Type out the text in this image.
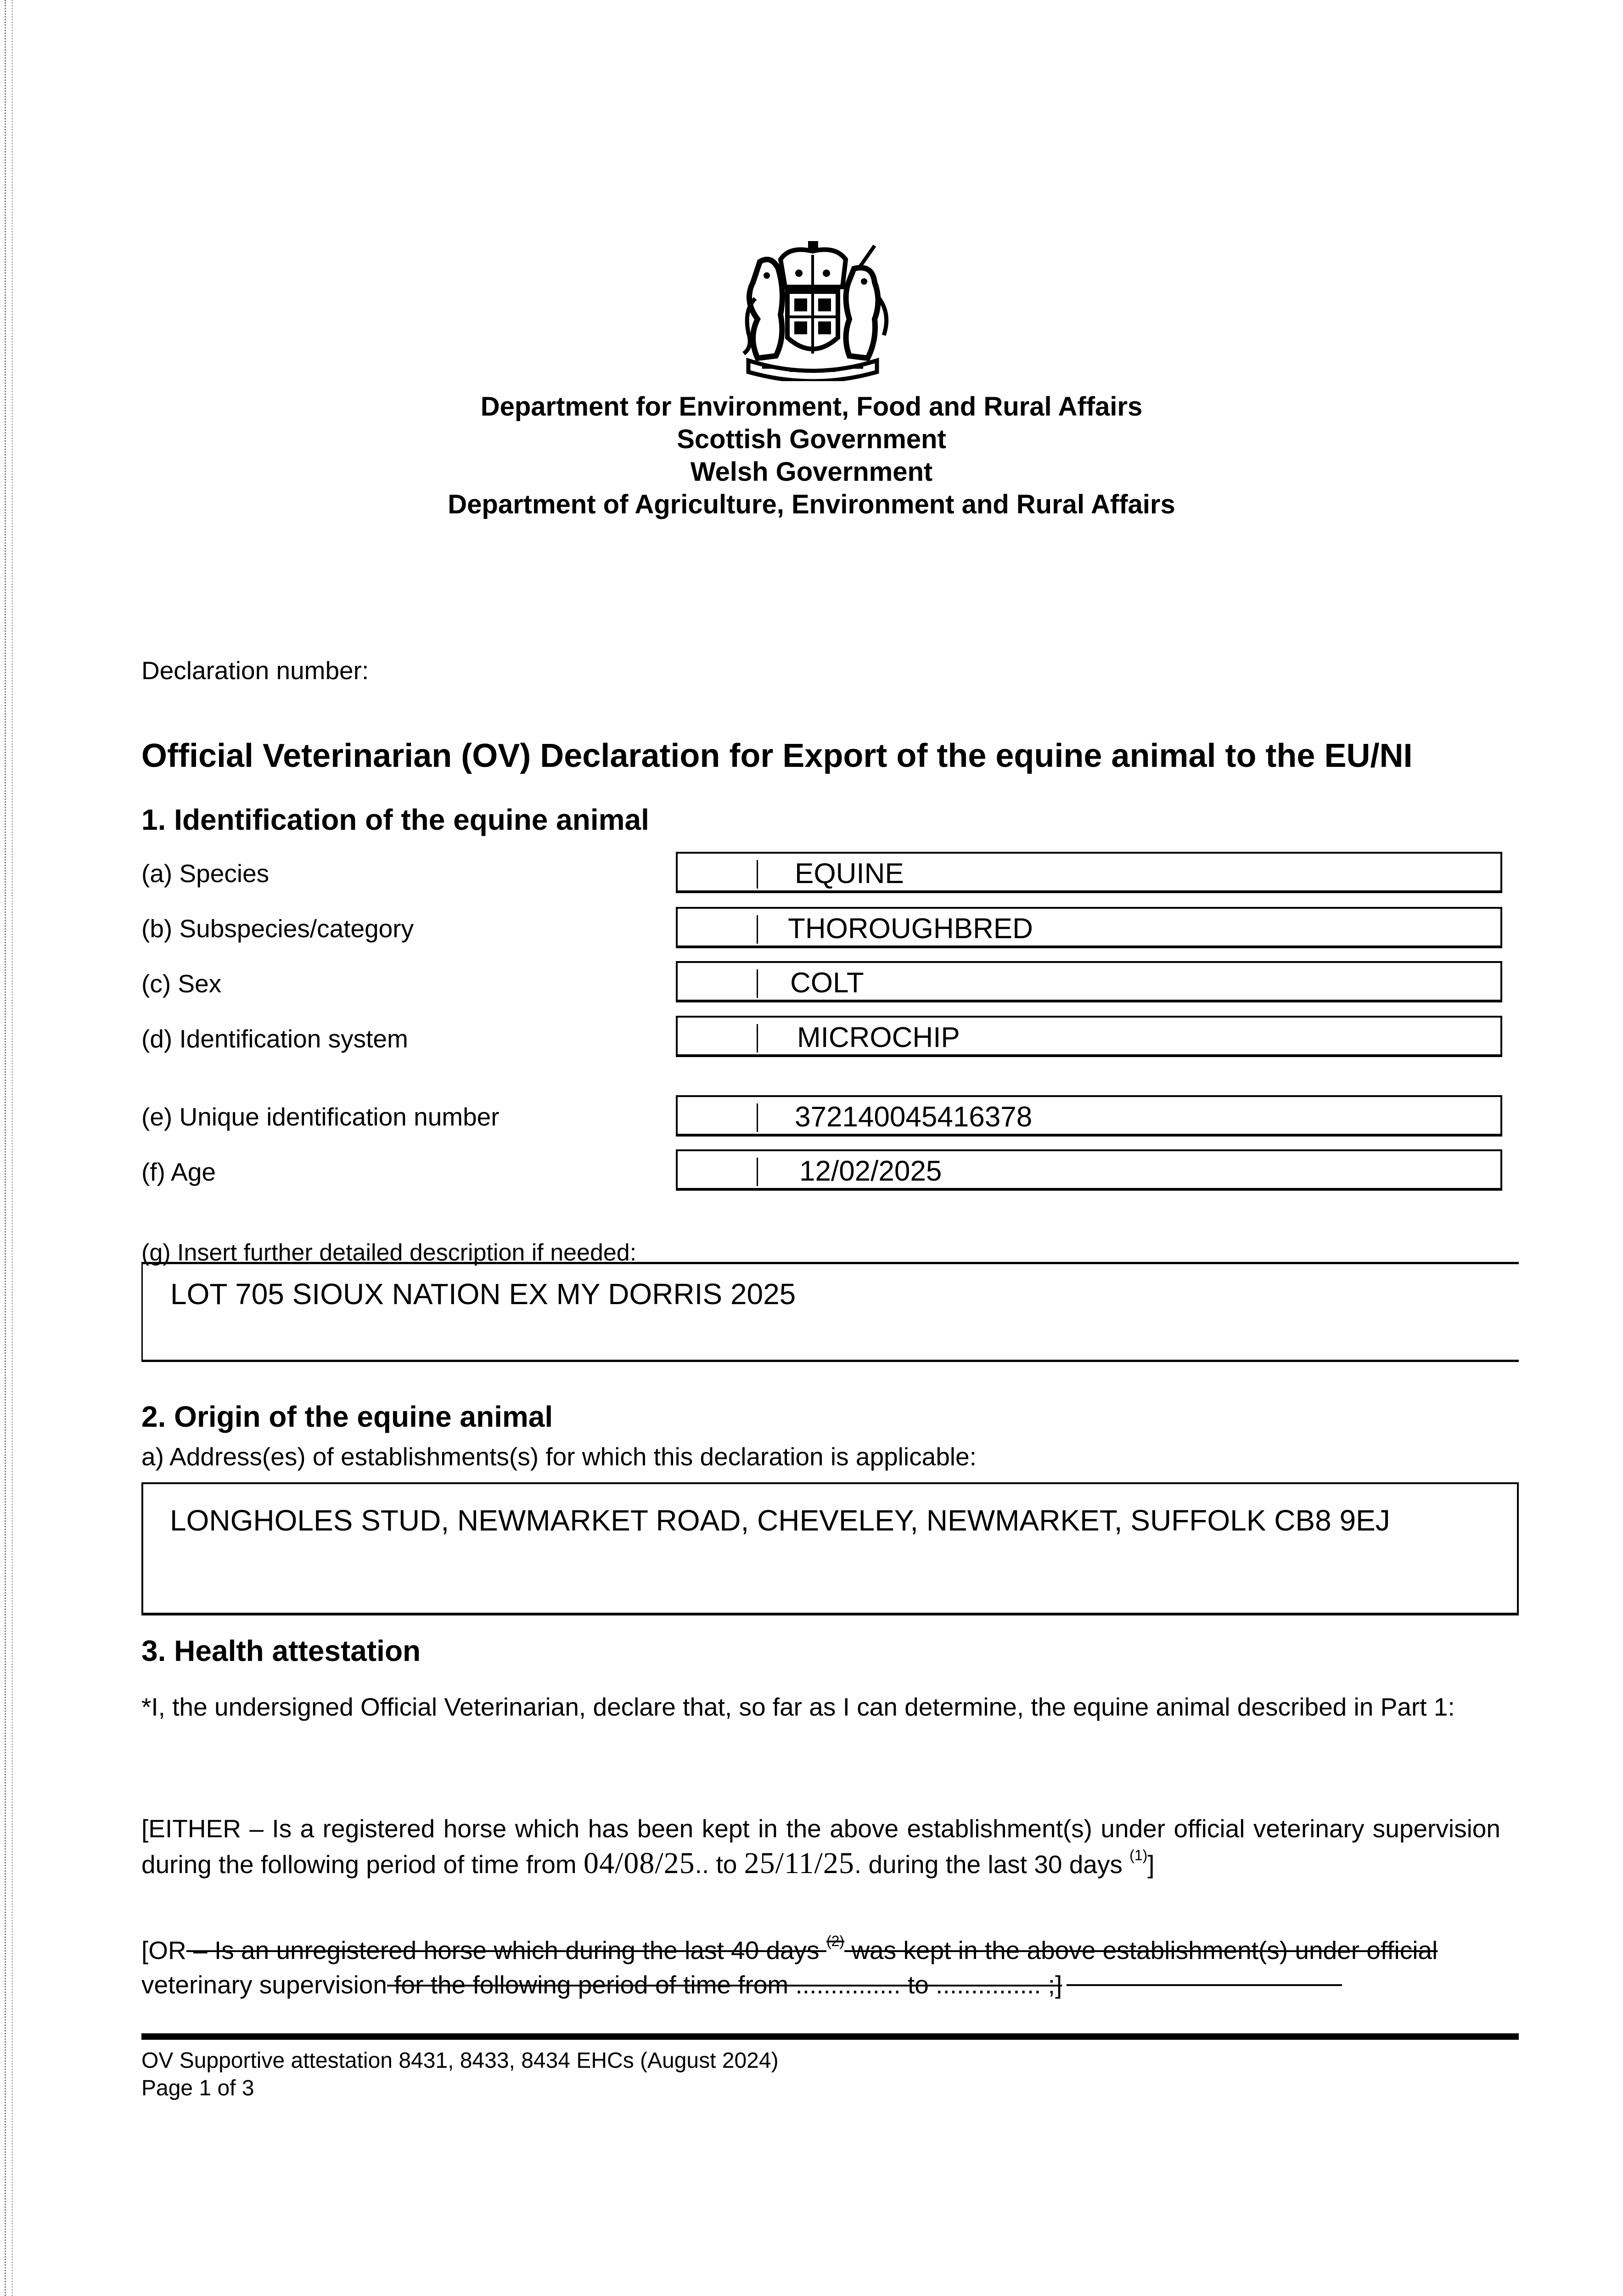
Department for Environment, Food and Rural Affairs
Scottish Government
Welsh Government
Department of Agriculture, Environment and Rural Affairs
Declaration number:
Official Veterinarian (OV) Declaration for Export of the equine animal to the EU/NI
1. Identification of the equine animal
(a) Species	EQUINE
(b) Subspecies/category	THOROUGHBRED
(c) Sex	COLT
(d) Identification system	MICROCHIP
(e) Unique identification number	372140045416378
(f) Age	12/02/2025
(g) Insert further detailed description if needed:
LOT 705 SIOUX NATION EX MY DORRIS 2025
2. Origin of the equine animal
a) Address(es) of establishments(s) for which this declaration is applicable:
LONGHOLES STUD, NEWMARKET ROAD, CHEVELEY, NEWMARKET, SUFFOLK CB8 9EJ
3. Health attestation
*I, the undersigned Official Veterinarian, declare that, so far as I can determine, the equine animal described in Part 1:
[EITHER – Is a registered horse which has been kept in the above establishment(s) under official veterinary supervision during the following period of time from 04/08/25.. to 25/11/25. during the last 30 days $^{(1)}$]
[OR – Is an unregistered horse which during the last 40 days $^{(2)}$ was kept in the above establishment(s) under official
veterinary supervision for the following period of time from ............... to ............... ;]
OV Supportive attestation 8431, 8433, 8434 EHCs (August 2024)
Page 1 of 3
